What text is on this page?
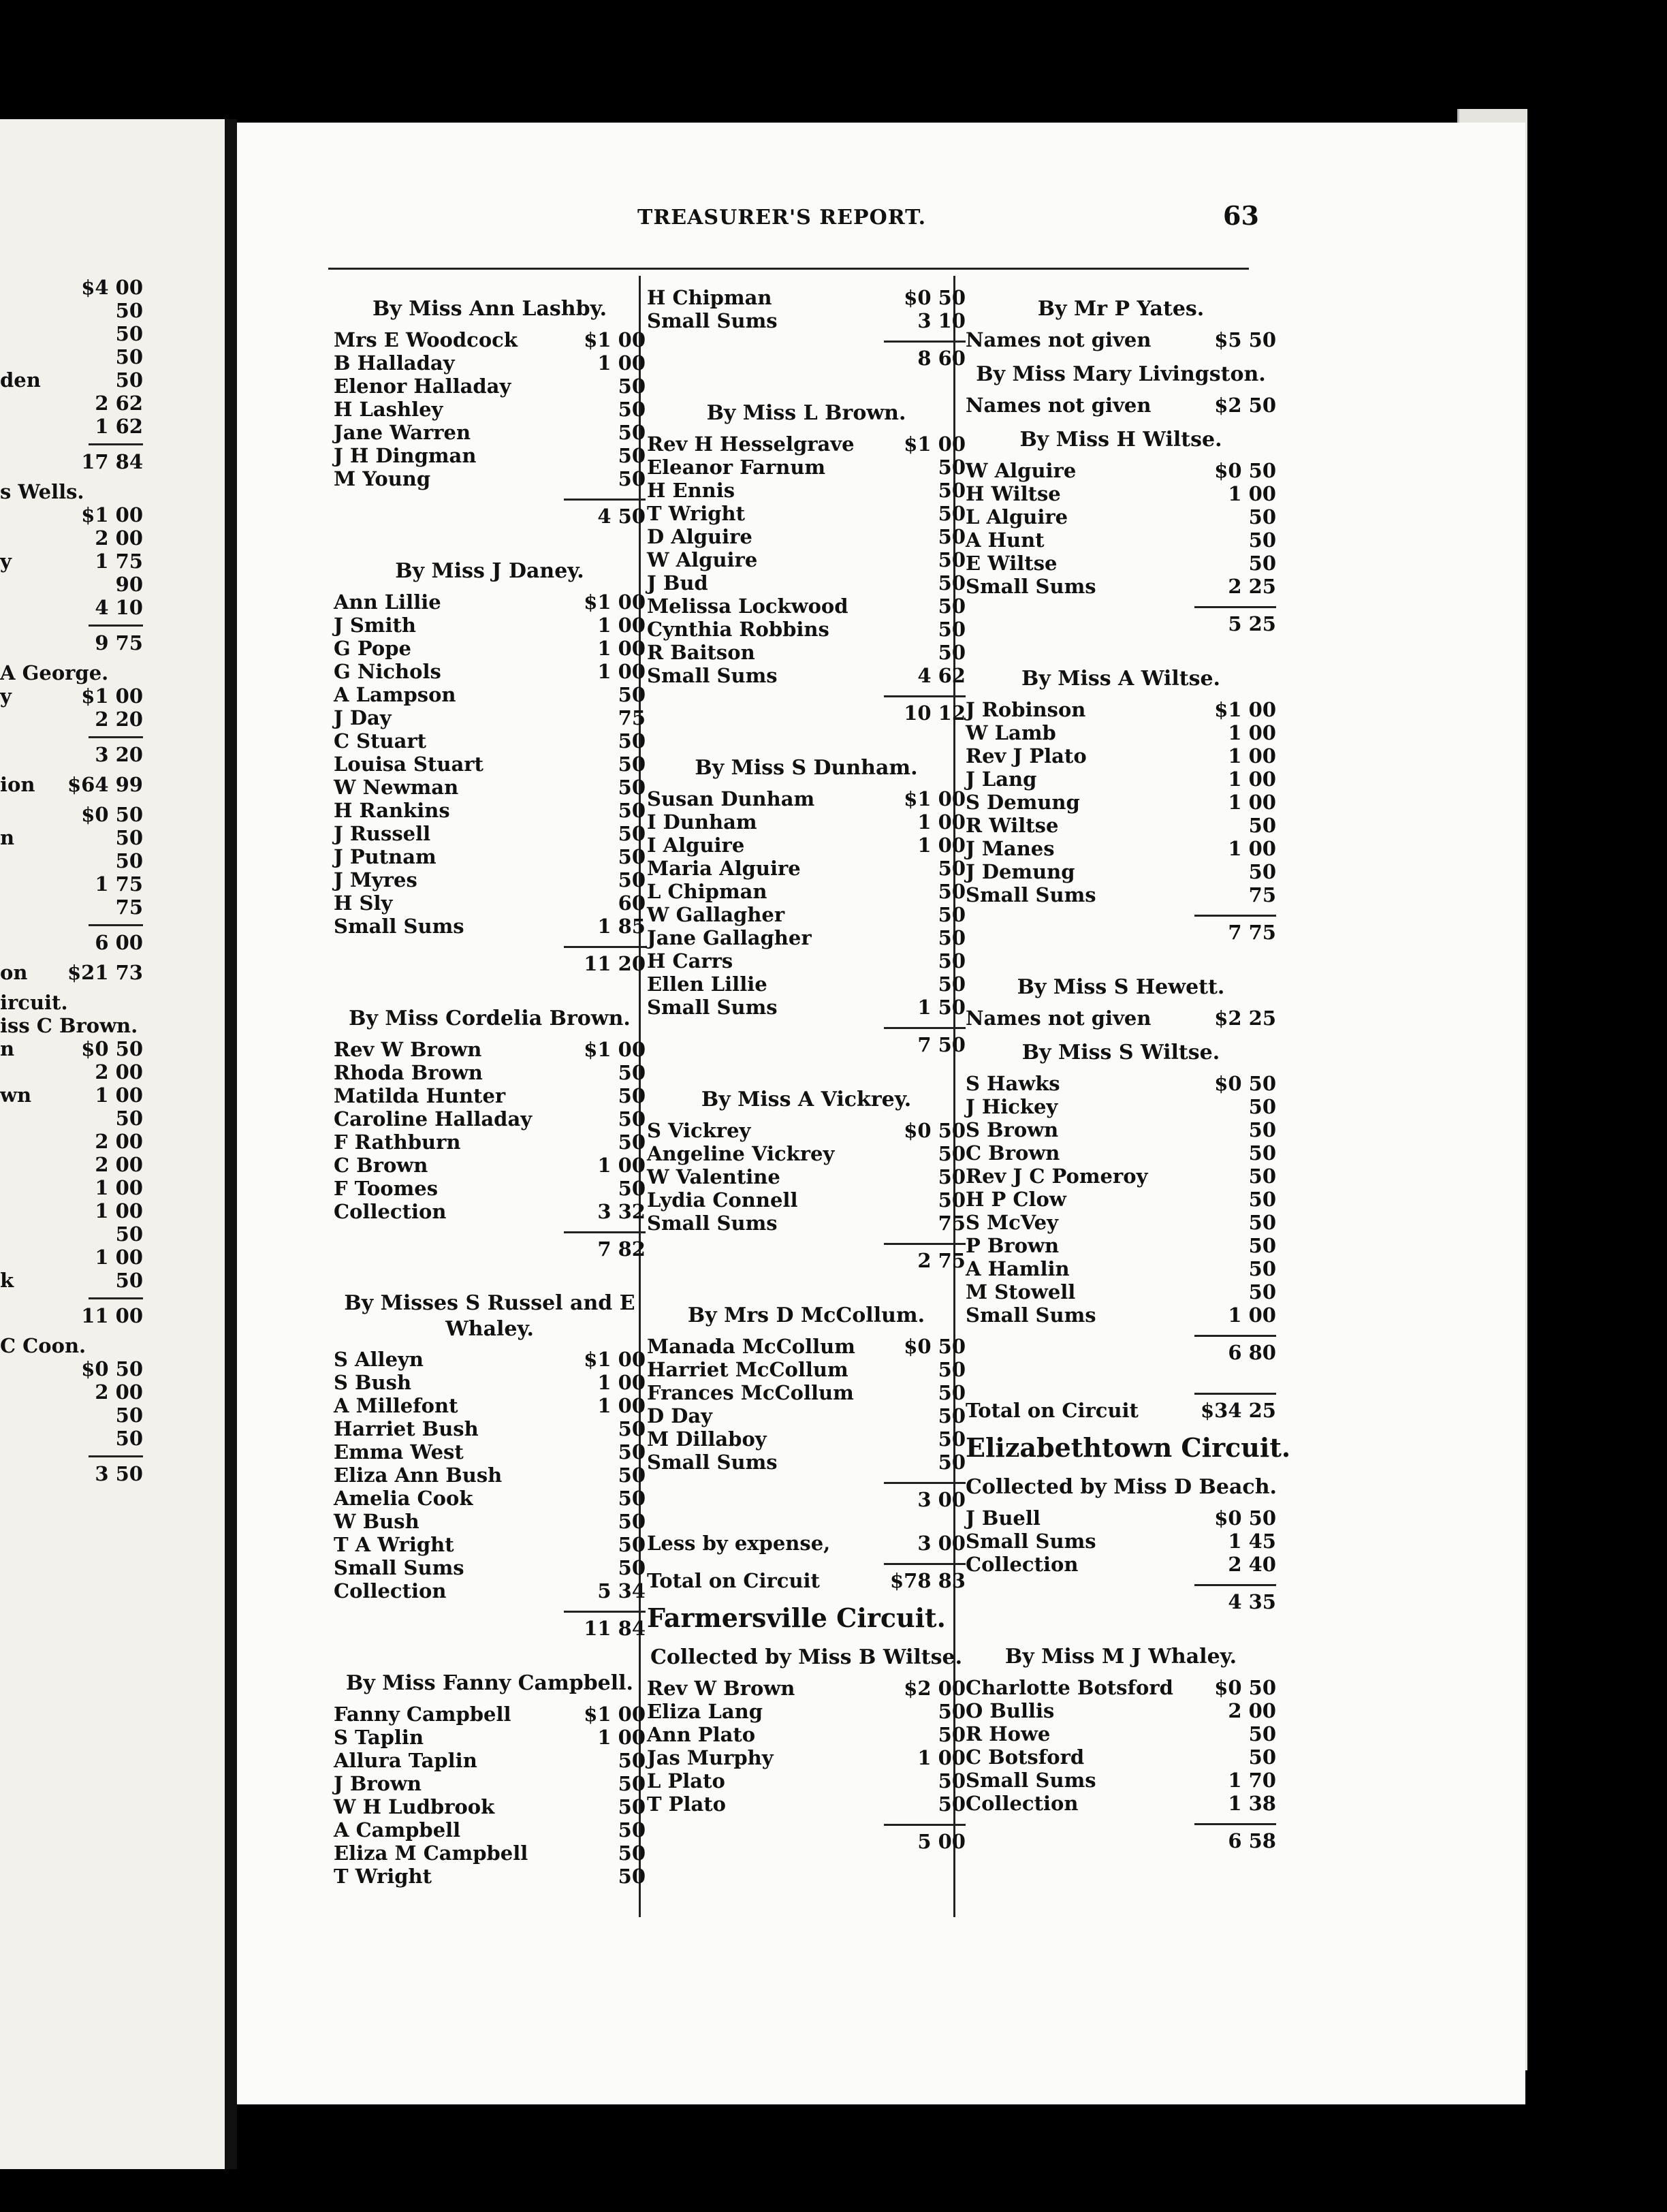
$4 00
50
50
50
den	50
2 62
1 62
17 84
s Wells.
$1 00
2 00
y	1 75
90
4 10
9 75
A George.
y	$1 00
2 20
3 20
ion $64 99
$0 50
n	50
50
1 75
75
6 00
on $21 73
ircuit.
iss C Brown.
n	$0 50
2 00
wn	1 00
50
2 00
2 00
1 00
1 00
50
1 00
k	50
11 00
C Coon.
$0 50
2 00
50
50
3 50
TREASURER'S REPORT.	63
By Miss Ann Lashby.
Mrs E Woodcock	$1 00
B Halladay	1 00
Elenor Halladay	50
H Lashley	50
Jane Warren	50
J H Dingman	50
M Young	50
4 50
By Miss J Daney.
Ann Lillie	$1 00
J Smith	1 00
G Pope	1 00
G Nichols	1 00
A Lampson	50
J Day	75
C Stuart	50
Louisa Stuart	50
W Newman	50
H Rankins	50
J Russell	50
J Putnam	50
J Myres	50
H Sly	60
Small Sums	1 85
11 20
By Miss Cordelia Brown.
Rev W Brown	$1 00
Rhoda Brown	50
Matilda Hunter	50
Caroline Halladay	50
F Rathburn	50
C Brown	1 00
F Toomes	50
Collection	3 32
7 82
By Misses S Russel and E Whaley.
S Alleyn	$1 00
S Bush	1 00
A Millefont	1 00
Harriet Bush	50
Emma West	50
Eliza Ann Bush	50
Amelia Cook	50
W Bush	50
T A Wright	50
Small Sums	50
Collection	5 34
11 84
By Miss Fanny Campbell.
Fanny Campbell	$1 00
S Taplin	1 00
Allura Taplin	50
J Brown	50
W H Ludbrook	50
A Campbell	50
Eliza M Campbell	50
T Wright	50
H Chipman	$0 50
Small Sums	3 10
8 60
By Miss L Brown.
Rev H Hesselgrave	$1 00
Eleanor Farnum	50
H Ennis	50
T Wright	50
D Alguire	50
W Alguire	50
J Bud	50
Melissa Lockwood	50
Cynthia Robbins	50
R Baitson	50
Small Sums	4 62
10 12
By Miss S Dunham.
Susan Dunham	$1 00
I Dunham	1 00
I Alguire	1 00
Maria Alguire	50
L Chipman	50
W Gallagher	50
Jane Gallagher	50
H Carrs	50
Ellen Lillie	50
Small Sums	1 50
7 50
By Miss A Vickrey.
S Vickrey	$0 50
Angeline Vickrey	50
W Valentine	50
Lydia Connell	50
Small Sums	75
2 75
By Mrs D McCollum.
Manada McCollum $0 50
Harriet McCollum	50
Frances McCollum	50
D Day	50
M Dillaboy	50
Small Sums	50
3 00
Less by expense,	3 00
Total on Circuit	$78 83
Farmersville Circuit.
Collected by Miss B Wiltse.
Rev W Brown	$2 00
Eliza Lang	50
Ann Plato	50
Jas Murphy	1 00
L Plato	50
T Plato	50
5 00
By Mr P Yates.
Names not given	$5 50
By Miss Mary Livingston.
Names not given	$2 50
By Miss H Wiltse.
W Alguire	$0 50
H Wiltse	1 00
L Alguire	50
A Hunt	50
E Wiltse	50
Small Sums	2 25
5 25
By Miss A Wiltse.
J Robinson	$1 00
W Lamb	1 00
Rev J Plato	1 00
J Lang	1 00
S Demung	1 00
R Wiltse	50
J Manes	1 00
J Demung	50
Small Sums	75
7 75
By Miss S Hewett.
Names not given	$2 25
By Miss S Wiltse.
S Hawks	$0 50
J Hickey	50
S Brown	50
C Brown	50
Rev J C Pomeroy	50
H P Clow	50
S McVey	50
P Brown	50
A Hamlin	50
M Stowell	50
Small Sums	1 00
6 80
Total on Circuit	$34 25
Elizabethtown Circuit.
Collected by Miss D Beach.
J Buell	$0 50
Small Sums	1 45
Collection	2 40
4 35
By Miss M J Whaley.
Charlotte Botsford $0 50
O Bullis	2 00
R Howe	50
C Botsford	50
Small Sums	1 70
Collection	1 38
6 58
